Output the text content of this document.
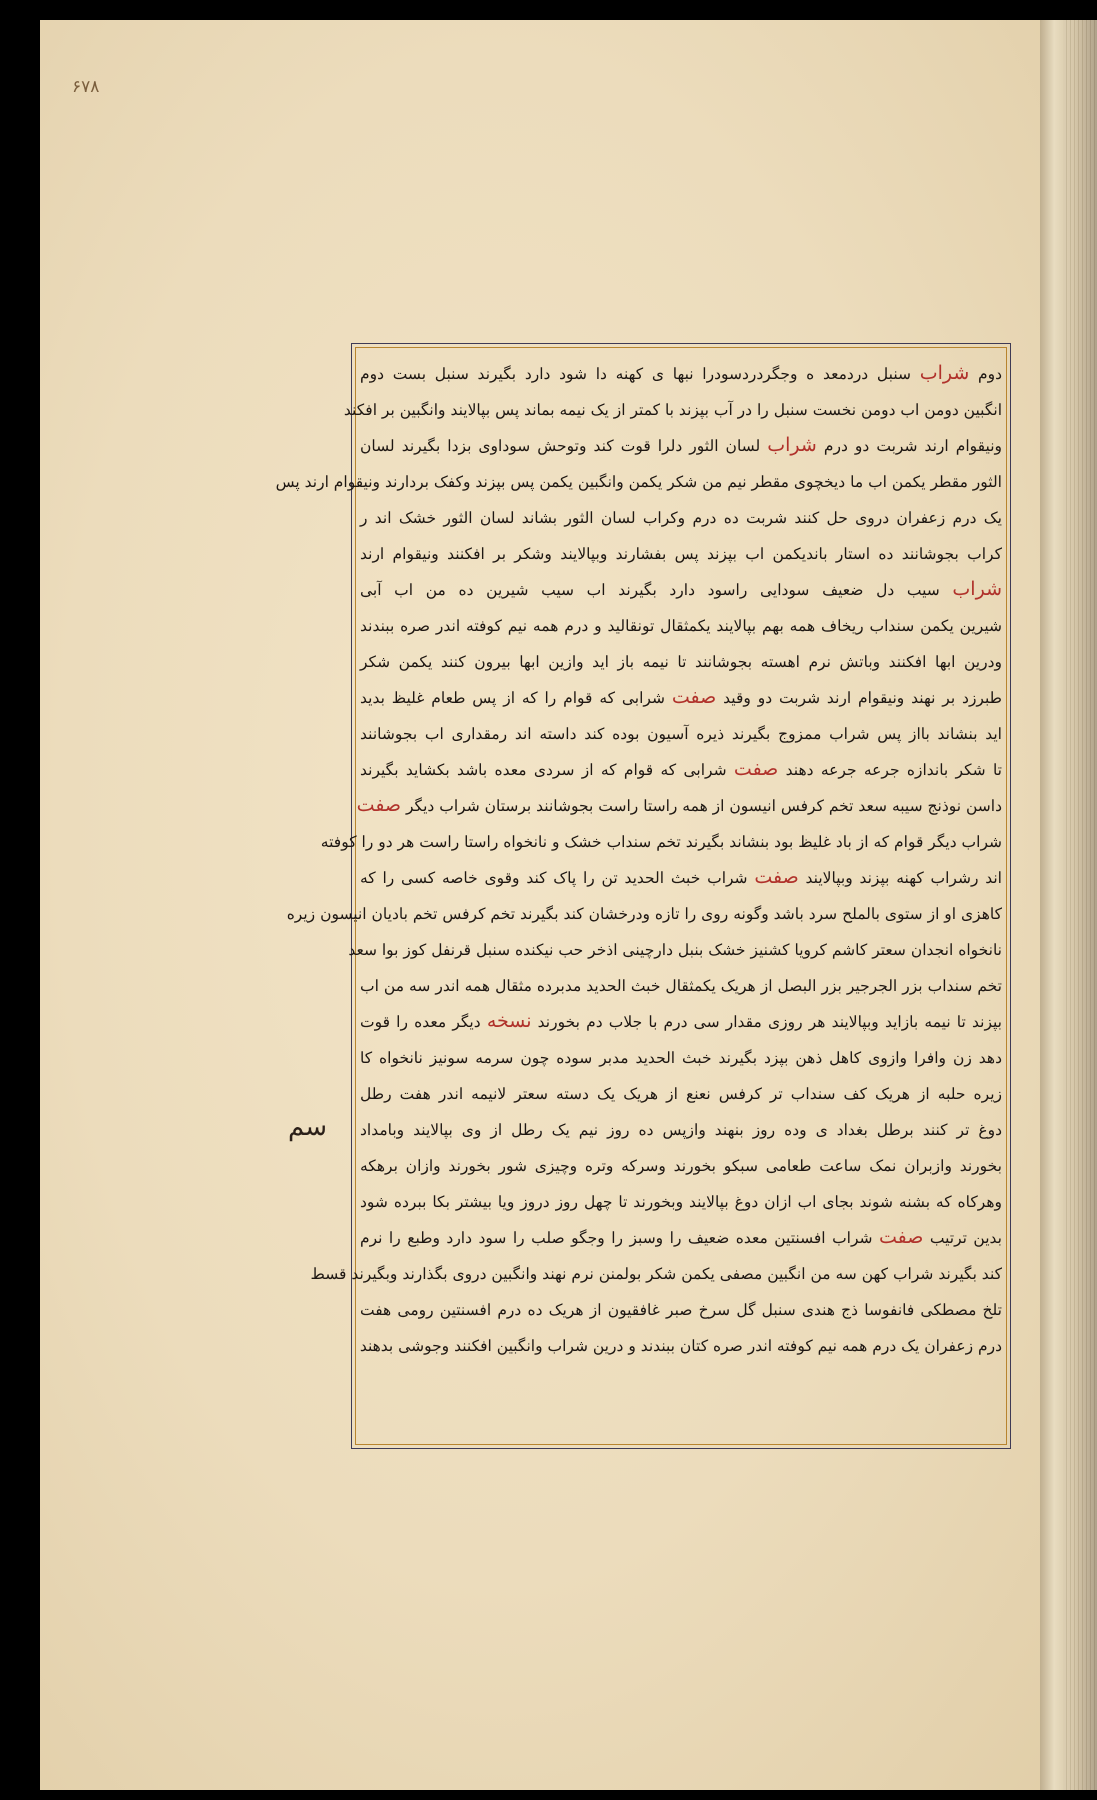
۶۷۸
دوم شراب سنبل دردمعد ه وجگردردسودرا نبها ی کهنه دا شود دارد بگیرند سنبل بست دوم
انگبین دومن اب دومن نخست سنبل را در آب بپزند با کمتر از یک نیمه بماند پس بپالایند وانگبین بر افکند
ونیقوام ارند شربت دو درم شراب لسان الثور دلرا قوت کند وتوحش سوداوی بزدا بگیرند لسان
الثور مقطر یکمن اب ما دیخچوی مقطر نیم من شکر یکمن وانگبین یکمن پس بپزند وکفک بردارند ونیقوام ارند پس
یک درم زعفران دروی حل کنند شربت ده درم وکراب لسان الثور بشاند لسان الثور خشک اند ر
کراب بجوشانند ده استار باندیکمن اب بپزند پس بفشارند وبپالایند وشکر بر افکنند ونیقوام ارند
شراب سیب دل ضعیف سودایی راسود دارد بگیرند اب سیب شیرین ده من اب آبی
شیرین یکمن سنداب ریخاف همه بهم بپالایند یکمثقال تونقالید و درم همه نیم کوفته اندر صره ببندند
ودرین ابها افکنند وباتش نرم اهسته بجوشانند تا نیمه باز اید وازین ابها بیرون کنند یکمن شکر
طبرزد بر نهند ونیقوام ارند شربت دو وقید صفت شرابی که قوام را که از پس طعام غلیظ بدید
اید بنشاند بااز پس شراب ممزوج بگیرند ذیره آسیون بوده کند داسته اند رمقداری اب بجوشانند
تا شکر باندازه جرعه جرعه دهند صفت شرابی که قوام که از سردی معده باشد بکشاید بگیرند
داسن نوذنج سیبه سعد تخم کرفس انیسون از همه راستا راست بجوشانند برستان شراب دیگر صفت
شراب دیگر قوام که از باد غلیظ بود بنشاند بگیرند تخم سنداب خشک و نانخواه راستا راست هر دو را کوفته
اند رشراب کهنه بپزند وبپالایند صفت شراب خبث الحدید تن را پاک کند وقوی خاصه کسی را که
کاهزی او از ستوی بالملح سرد باشد وگونه روی را تازه ودرخشان کند بگیرند تخم کرفس تخم بادیان انیسون زیره
نانخواه انجدان سعتر کاشم کرویا کشنیز خشک بنبل دارچینی اذخر حب نیکنده سنبل قرنفل کوز بوا سعد
تخم سنداب بزر الجرجیر بزر البصل از هریک یکمثقال خبث الحدید مدبرده مثقال همه اندر سه من اب
بپزند تا نیمه بازاید وبپالایند هر روزی مقدار سی درم با جلاب دم بخورند نسخه دیگر معده را قوت
دهد زن وافرا وازوی کاهل ذهن بپزد بگیرند خبث الحدید مدبر سوده چون سرمه سونیز نانخواه کا
زیره حلبه از هریک کف سنداب تر کرفس نعنع از هریک یک دسته سعتر لانیمه اندر هفت رطل
دوغ تر کنند برطل بغداد ی وده روز بنهند وازپس ده روز نیم یک رطل از وی بپالایند وبامداد
بخورند وازبران نمک ساعت طعامی سبکو بخورند وسرکه وتره وچیزی شور بخورند وازان برهکه
وهرکاه که بشنه شوند بجای اب ازان دوغ بپالایند وبخورند تا چهل روز دروز ویا بیشتر بکا ببرده شود
بدین ترتیب صفت شراب افسنتین معده ضعیف را وسبز را وجگو صلب را سود دارد وطبع را نرم
کند بگیرند شراب کهن سه من انگبین مصفی یکمن شکر بولمنن نرم نهند وانگبین دروی بگذارند وبگیرند قسط
تلخ مصطکی فانفوسا ذج هندی سنبل گل سرخ صبر غافقیون از هریک ده درم افسنتین رومی هفت
درم زعفران یک درم همه نیم کوفته اندر صره کتان ببندند و درین شراب وانگبین افکنند وجوشی بدهند
سم
